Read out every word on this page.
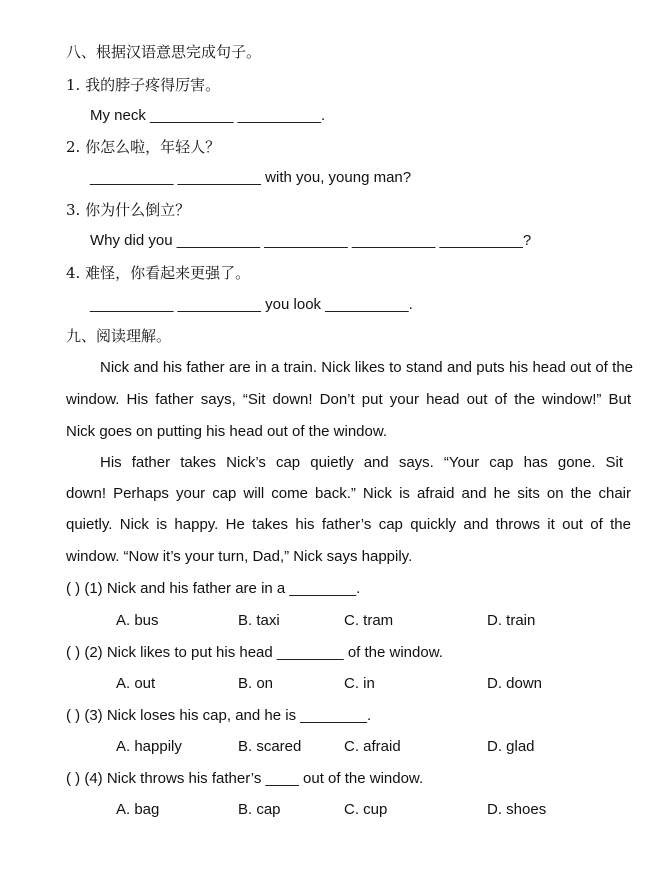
八、根据汉语意思完成句子。
1. 我的脖子疼得厉害。
My neck __________ __________.
2. 你怎么啦，年轻人？
__________ __________ with you, young man?
3. 你为什么倒立？
Why did you __________ __________ __________ __________?
4. 难怪，你看起来更强了。
__________ __________ you look __________.
九、阅读理解。
Nick and his father are in a train. Nick likes to stand and puts his head out of the
window. His father says, “Sit down! Don’t put your head out of the window!” But
Nick goes on putting his head out of the window.
His father takes Nick’s cap quietly and says. “Your cap has gone. Sit
down! Perhaps your cap will come back.” Nick is afraid and he sits on the chair
quietly. Nick is happy. He takes his father’s cap quickly and throws it out of the
window. “Now it’s your turn, Dad,” Nick says happily.
( ) (1) Nick and his father are in a ________.
A. bus	B. taxi	C. tram	D. train
( ) (2) Nick likes to put his head ________ of the window.
A. out	B. on	C. in	D. down
( ) (3) Nick loses his cap, and he is ________.
A. happily	B. scared	C. afraid	D. glad
( ) (4) Nick throws his father’s ____ out of the window.
A. bag	B. cap	C. cup	D. shoes
